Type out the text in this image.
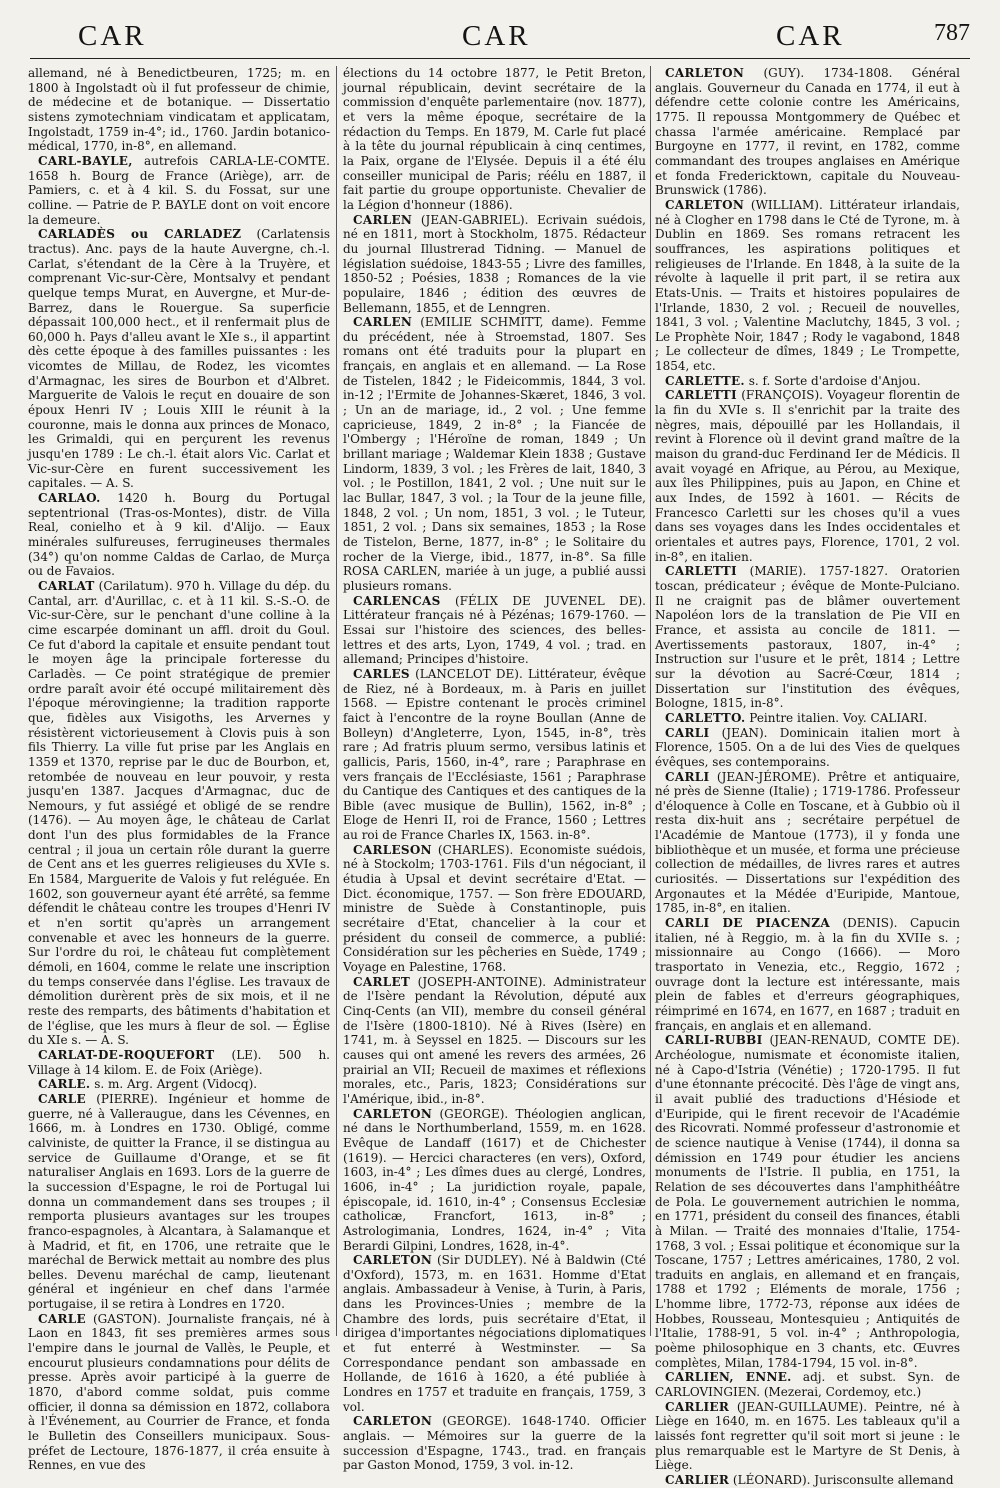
CAR	CAR	CAR	787

allemand, né à Benedictbeuren, 1725; m. en 1800 à Ingolstadt où il fut professeur de chimie, de médecine et de botanique. — Dissertatio sistens zymotechniam vindicatam et applicatam, Ingolstadt, 1759 in-4°; id., 1760. Jardin botanico-médical, 1770, in-8°, en allemand.

CARL-BAYLE, autrefois CARLA-LE-COMTE. 1658 h. Bourg de France (Ariège), arr. de Pamiers, c. et à 4 kil. S. du Fossat, sur une colline. — Patrie de P. BAYLE dont on voit encore la demeure.

CARLADÈS ou CARLADEZ (Carlatensis tractus). Anc. pays de la haute Auvergne, ch.-l. Carlat, s'étendant de la Cère à la Truyère, et comprenant Vic-sur-Cère, Montsalvy et pendant quelque temps Murat, en Auvergne, et Mur-de-Barrez, dans le Rouergue. Sa superficie dépassait 100,000 hect., et il renfermait plus de 60,000 h. Pays d'alleu avant le XIe s., il appartint dès cette époque à des familles puissantes : les vicomtes de Millau, de Rodez, les vicomtes d'Armagnac, les sires de Bourbon et d'Albret. Marguerite de Valois le reçut en douaire de son époux Henri IV ; Louis XIII le réunit à la couronne, mais le donna aux princes de Monaco, les Grimaldi, qui en perçurent les revenus jusqu'en 1789 : Le ch.-l. était alors Vic. Carlat et Vic-sur-Cère en furent successivement les capitales. — A. S.

CARLAO. 1420 h. Bourg du Portugal septentrional (Tras-os-Montes), distr. de Villa Real, conielho et à 9 kil. d'Alijo. — Eaux minérales sulfureuses, ferrugineuses thermales (34°) qu'on nomme Caldas de Carlao, de Murça ou de Favaios.

CARLAT (Carilatum). 970 h. Village du dép. du Cantal, arr. d'Aurillac, c. et à 11 kil. S.-S.-O. de Vic-sur-Cère, sur le penchant d'une colline à la cime escarpée dominant un affl. droit du Goul. Ce fut d'abord la capitale et ensuite pendant tout le moyen âge la principale forteresse du Carladès. — Ce point stratégique de premier ordre paraît avoir été occupé militairement dès l'époque mérovingienne; la tradition rapporte que, fidèles aux Visigoths, les Arvernes y résistèrent victorieusement à Clovis puis à son fils Thierry. La ville fut prise par les Anglais en 1359 et 1370, reprise par le duc de Bourbon, et, retombée de nouveau en leur pouvoir, y resta jusqu'en 1387. Jacques d'Armagnac, duc de Nemours, y fut assiégé et obligé de se rendre (1476). — Au moyen âge, le château de Carlat dont l'un des plus formidables de la France central ; il joua un certain rôle durant la guerre de Cent ans et les guerres religieuses du XVIe s. En 1584, Marguerite de Valois y fut reléguée. En 1602, son gouverneur ayant été arrêté, sa femme défendit le château contre les troupes d'Henri IV et n'en sortit qu'après un arrangement convenable et avec les honneurs de la guerre. Sur l'ordre du roi, le château fut complètement démoli, en 1604, comme le relate une inscription du temps conservée dans l'église. Les travaux de démolition durèrent près de six mois, et il ne reste des remparts, des bâtiments d'habitation et de l'église, que les murs à fleur de sol. — Église du XIe s. — A. S.

CARLAT-DE-ROQUEFORT (LE). 500 h. Village à 14 kilom. E. de Foix (Ariège).

CARLE. s. m. Arg. Argent (Vidocq).

CARLE (PIERRE). Ingénieur et homme de guerre, né à Valleraugue, dans les Cévennes, en 1666, m. à Londres en 1730. Obligé, comme calviniste, de quitter la France, il se distingua au service de Guillaume d'Orange, et se fit naturaliser Anglais en 1693. Lors de la guerre de la succession d'Espagne, le roi de Portugal lui donna un commandement dans ses troupes ; il remporta plusieurs avantages sur les troupes franco-espagnoles, à Alcantara, à Salamanque et à Madrid, et fit, en 1706, une retraite que le maréchal de Berwick mettait au nombre des plus belles. Devenu maréchal de camp, lieutenant général et ingénieur en chef dans l'armée portugaise, il se retira à Londres en 1720.

CARLE (GASTON). Journaliste français, né à Laon en 1843, fit ses premières armes sous l'empire dans le journal de Vallès, le Peuple, et encourut plusieurs condamnations pour délits de presse. Après avoir participé à la guerre de 1870, d'abord comme soldat, puis comme officier, il donna sa démission en 1872, collabora à l'Événement, au Courrier de France, et fonda le Bulletin des Conseillers municipaux. Sous-préfet de Lectoure, 1876-1877, il créa ensuite à Rennes, en vue des

élections du 14 octobre 1877, le Petit Breton, journal républicain, devint secrétaire de la commission d'enquête parlementaire (nov. 1877), et vers la même époque, secrétaire de la rédaction du Temps. En 1879, M. Carle fut placé à la tête du journal républicain à cinq centimes, la Paix, organe de l'Elysée. Depuis il a été élu conseiller municipal de Paris; réélu en 1887, il fait partie du groupe opportuniste. Chevalier de la Légion d'honneur (1886).

CARLEN (JEAN-GABRIEL). Ecrivain suédois, né en 1811, mort à Stockholm, 1875. Rédacteur du journal Illustrerad Tidning. — Manuel de législation suédoise, 1843-55 ; Livre des familles, 1850-52 ; Poésies, 1838 ; Romances de la vie populaire, 1846 ; édition des œuvres de Bellemann, 1855, et de Lenngren.

CARLEN (EMILIE SCHMITT, dame). Femme du précédent, née à Stroemstad, 1807. Ses romans ont été traduits pour la plupart en français, en anglais et en allemand. — La Rose de Tistelen, 1842 ; le Fideicommis, 1844, 3 vol. in-12 ; l'Ermite de Johannes-Skæret, 1846, 3 vol. ; Un an de mariage, id., 2 vol. ; Une femme capricieuse, 1849, 2 in-8° ; la Fiancée de l'Ombergy ; l'Héroïne de roman, 1849 ; Un brillant mariage ; Waldemar Klein 1838 ; Gustave Lindorm, 1839, 3 vol. ; les Frères de lait, 1840, 3 vol. ; le Postillon, 1841, 2 vol. ; Une nuit sur le lac Bullar, 1847, 3 vol. ; la Tour de la jeune fille, 1848, 2 vol. ; Un nom, 1851, 3 vol. ; le Tuteur, 1851, 2 vol. ; Dans six semaines, 1853 ; la Rose de Tistelon, Berne, 1877, in-8° ; le Solitaire du rocher de la Vierge, ibid., 1877, in-8°. Sa fille ROSA CARLEN, mariée à un juge, a publié aussi plusieurs romans.

CARLENCAS (FÉLIX DE JUVENEL DE). Littérateur français né à Pézénas; 1679-1760. — Essai sur l'histoire des sciences, des belles-lettres et des arts, Lyon, 1749, 4 vol. ; trad. en allemand; Principes d'histoire.

CARLES (LANCELOT DE). Littérateur, évêque de Riez, né à Bordeaux, m. à Paris en juillet 1568. — Epistre contenant le procès criminel faict à l'encontre de la royne Boullan (Anne de Bolleyn) d'Angleterre, Lyon, 1545, in-8°, très rare ; Ad fratris pluum sermo, versibus latinis et gallicis, Paris, 1560, in-4°, rare ; Paraphrase en vers français de l'Ecclésiaste, 1561 ; Paraphrase du Cantique des Cantiques et des cantiques de la Bible (avec musique de Bullin), 1562, in-8° ; Eloge de Henri II, roi de France, 1560 ; Lettres au roi de France Charles IX, 1563. in-8°.

CARLESON (CHARLES). Economiste suédois, né à Stockolm; 1703-1761. Fils d'un négociant, il étudia à Upsal et devint secrétaire d'Etat. — Dict. économique, 1757. — Son frère EDOUARD, ministre de Suède à Constantinople, puis secrétaire d'Etat, chancelier à la cour et président du conseil de commerce, a publié: Considération sur les pêcheries en Suède, 1749 ; Voyage en Palestine, 1768.

CARLET (JOSEPH-ANTOINE). Administrateur de l'Isère pendant la Révolution, député aux Cinq-Cents (an VII), membre du conseil général de l'Isère (1800-1810). Né à Rives (Isère) en 1741, m. à Seyssel en 1825. — Discours sur les causes qui ont amené les revers des armées, 26 prairial an VII; Recueil de maximes et réflexions morales, etc., Paris, 1823; Considérations sur l'Amérique, ibid., in-8°.

CARLETON (GEORGE). Théologien anglican, né dans le Northumberland, 1559, m. en 1628. Evêque de Landaff (1617) et de Chichester (1619). — Hercici characteres (en vers), Oxford, 1603, in-4° ; Les dîmes dues au clergé, Londres, 1606, in-4° ; La juridiction royale, papale, épiscopale, id. 1610, in-4° ; Consensus Ecclesiæ catholicæ, Francfort, 1613, in-8° ; Astrologimania, Londres, 1624, in-4° ; Vita Berardi Gilpini, Londres, 1628, in-4°.

CARLETON (Sir DUDLEY). Né à Baldwin (Cté d'Oxford), 1573, m. en 1631. Homme d'Etat anglais. Ambassadeur à Venise, à Turin, à Paris, dans les Provinces-Unies ; membre de la Chambre des lords, puis secrétaire d'Etat, il dirigea d'importantes négociations diplomatiques et fut enterré à Westminster. — Sa Correspondance pendant son ambassade en Hollande, de 1616 à 1620, a été publiée à Londres en 1757 et traduite en français, 1759, 3 vol.

CARLETON (GEORGE). 1648-1740. Officier anglais. — Mémoires sur la guerre de la succession d'Espagne, 1743., trad. en français par Gaston Monod, 1759, 3 vol. in-12.

CARLETON (GUY). 1734-1808. Général anglais. Gouverneur du Canada en 1774, il eut à défendre cette colonie contre les Américains, 1775. Il repoussa Montgommery de Québec et chassa l'armée américaine. Remplacé par Burgoyne en 1777, il revint, en 1782, comme commandant des troupes anglaises en Amérique et fonda Fredericktown, capitale du Nouveau-Brunswick (1786).

CARLETON (WILLIAM). Littérateur irlandais, né à Clogher en 1798 dans le Cté de Tyrone, m. à Dublin en 1869. Ses romans retracent les souffrances, les aspirations politiques et religieuses de l'Irlande. En 1848, à la suite de la révolte à laquelle il prit part, il se retira aux Etats-Unis. — Traits et histoires populaires de l'Irlande, 1830, 2 vol. ; Recueil de nouvelles, 1841, 3 vol. ; Valentine Maclutchy, 1845, 3 vol. ; Le Prophète Noir, 1847 ; Rody le vagabond, 1848 ; Le collecteur de dîmes, 1849 ; Le Trompette, 1854, etc.

CARLETTE. s. f. Sorte d'ardoise d'Anjou.

CARLETTI (FRANÇOIS). Voyageur florentin de la fin du XVIe s. Il s'enrichit par la traite des nègres, mais, dépouillé par les Hollandais, il revint à Florence où il devint grand maître de la maison du grand-duc Ferdinand Ier de Médicis. Il avait voyagé en Afrique, au Pérou, au Mexique, aux îles Philippines, puis au Japon, en Chine et aux Indes, de 1592 à 1601. — Récits de Francesco Carletti sur les choses qu'il a vues dans ses voyages dans les Indes occidentales et orientales et autres pays, Florence, 1701, 2 vol. in-8°, en italien.

CARLETTI (MARIE). 1757-1827. Oratorien toscan, prédicateur ; évêque de Monte-Pulciano. Il ne craignit pas de blâmer ouvertement Napoléon lors de la translation de Pie VII en France, et assista au concile de 1811. — Avertissements pastoraux, 1807, in-4° ; Instruction sur l'usure et le prêt, 1814 ; Lettre sur la dévotion au Sacré-Cœur, 1814 ; Dissertation sur l'institution des évêques, Bologne, 1815, in-8°.

CARLETTO. Peintre italien. Voy. CALIARI.

CARLI (JEAN). Dominicain italien mort à Florence, 1505. On a de lui des Vies de quelques évêques, ses contemporains.

CARLI (JEAN-JÉROME). Prêtre et antiquaire, né près de Sienne (Italie) ; 1719-1786. Professeur d'éloquence à Colle en Toscane, et à Gubbio où il resta dix-huit ans ; secrétaire perpétuel de l'Académie de Mantoue (1773), il y fonda une bibliothèque et un musée, et forma une précieuse collection de médailles, de livres rares et autres curiosités. — Dissertations sur l'expédition des Argonautes et la Médée d'Euripide, Mantoue, 1785, in-8°, en italien.

CARLI DE PIACENZA (DENIS). Capucin italien, né à Reggio, m. à la fin du XVIIe s. ; missionnaire au Congo (1666). — Moro trasportato in Venezia, etc., Reggio, 1672 ; ouvrage dont la lecture est intéressante, mais plein de fables et d'erreurs géographiques, réimprimé en 1674, en 1677, en 1687 ; traduit en français, en anglais et en allemand.

CARLI-RUBBI (JEAN-RENAUD, COMTE DE). Archéologue, numismate et économiste italien, né à Capo-d'Istria (Vénétie) ; 1720-1795. Il fut d'une étonnante précocité. Dès l'âge de vingt ans, il avait publié des traductions d'Hésiode et d'Euripide, qui le firent recevoir de l'Académie des Ricovrati. Nommé professeur d'astronomie et de science nautique à Venise (1744), il donna sa démission en 1749 pour étudier les anciens monuments de l'Istrie. Il publia, en 1751, la Relation de ses découvertes dans l'amphithéâtre de Pola. Le gouvernement autrichien le nomma, en 1771, président du conseil des finances, établi à Milan. — Traité des monnaies d'Italie, 1754-1768, 3 vol. ; Essai politique et économique sur la Toscane, 1757 ; Lettres américaines, 1780, 2 vol. traduits en anglais, en allemand et en français, 1788 et 1792 ; Eléments de morale, 1756 ; L'homme libre, 1772-73, réponse aux idées de Hobbes, Rousseau, Montesquieu ; Antiquités de l'Italie, 1788-91, 5 vol. in-4° ; Anthropologia, poème philosophique en 3 chants, etc. Œuvres complètes, Milan, 1784-1794, 15 vol. in-8°.

CARLIEN, ENNE. adj. et subst. Syn. de CARLOVINGIEN. (Mezerai, Cordemoy, etc.)

CARLIER (JEAN-GUILLAUME). Peintre, né à Liège en 1640, m. en 1675. Les tableaux qu'il a laissés font regretter qu'il soit mort si jeune : le plus remarquable est le Martyre de St Denis, à Liège.

CARLIER (LÉONARD). Jurisconsulte allemand
